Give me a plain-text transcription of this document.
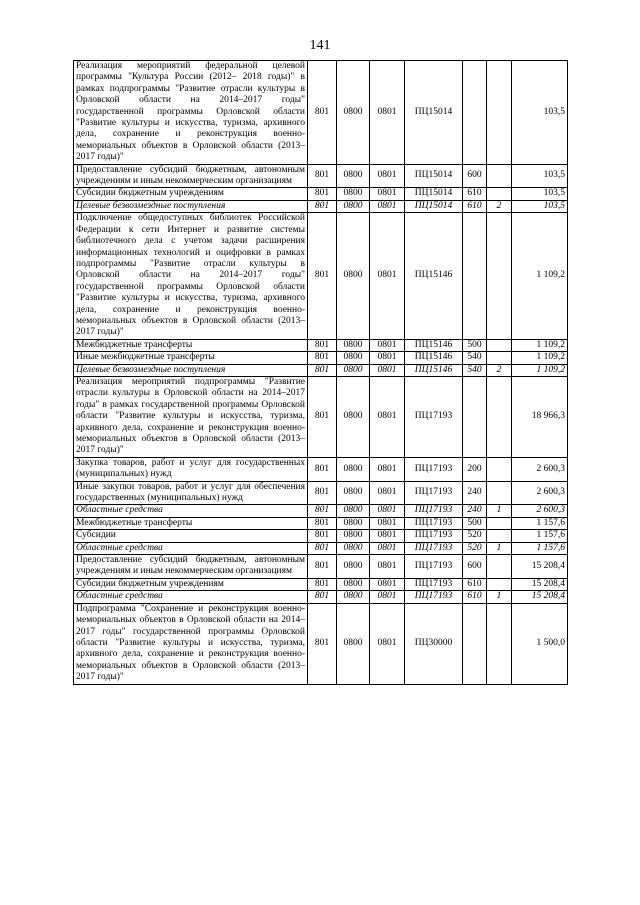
141
Реализация мероприятий федеральной целевой программы "Культура России (2012– 2018 годы)" в рамках подпрограммы "Развитие отрасли культуры в Орловской области на 2014–2017 годы" государственной программы Орловской области "Развитие культуры и искусства, туризма, архивного дела, сохранение и реконструкция военно-мемориальных объектов в Орловской области (2013–2017 годы)"	801	0800	0801	ПЦ15014			103,5
Предоставление субсидий бюджетным, автономным учреждениям и иным некоммерческим организациям	801	0800	0801	ПЦ15014	600		103,5
Субсидии бюджетным учреждениям	801	0800	0801	ПЦ15014	610		103,5
Целевые безвозмездные поступления	801	0800	0801	ПЦ15014	610	2	103,5
Подключение общедоступных библиотек Российской Федерации к сети Интернет и развитие системы библиотечного дела с учетом задачи расширения информационных технологий и оцифровки в рамках подпрограммы "Развитие отрасли культуры в Орловской области на 2014–2017 годы" государственной программы Орловской области "Развитие культуры и искусства, туризма, архивного дела, сохранение и реконструкция военно-мемориальных объектов в Орловской области (2013–2017 годы)"	801	0800	0801	ПЦ15146			1 109,2
Межбюджетные трансферты	801	0800	0801	ПЦ15146	500		1 109,2
Иные межбюджетные трансферты	801	0800	0801	ПЦ15146	540		1 109,2
Целевые безвозмездные поступления	801	0800	0801	ПЦ15146	540	2	1 109,2
Реализация мероприятий подпрограммы "Развитие отрасли культуры в Орловской области на 2014–2017 годы" в рамках государственной программы Орловской области "Развитие культуры и искусства, туризма, архивного дела, сохранение и реконструкция военно-мемориальных объектов в Орловской области (2013–2017 годы)"	801	0800	0801	ПЦ17193			18 966,3
Закупка товаров, работ и услуг для государственных (муниципальных) нужд	801	0800	0801	ПЦ17193	200		2 600,3
Иные закупки товаров, работ и услуг для обеспечения государственных (муниципальных) нужд	801	0800	0801	ПЦ17193	240		2 600,3
Областные средства	801	0800	0801	ПЦ17193	240	1	2 600,3
Межбюджетные трансферты	801	0800	0801	ПЦ17193	500		1 157,6
Субсидии	801	0800	0801	ПЦ17193	520		1 157,6
Областные средства	801	0800	0801	ПЦ17193	520	1	1 157,6
Предоставление субсидий бюджетным, автономным учреждениям и иным некоммерческим организациям	801	0800	0801	ПЦ17193	600		15 208,4
Субсидии бюджетным учреждениям	801	0800	0801	ПЦ17193	610		15 208,4
Областные средства	801	0800	0801	ПЦ17193	610	1	15 208,4
Подпрограмма "Сохранение и реконструкция военно-мемориальных объектов в Орловской области на 2014–2017 годы" государственной программы Орловской области "Развитие культуры и искусства, туризма, архивного дела, сохранение и реконструкция военно-мемориальных объектов в Орловской области (2013–2017 годы)"	801	0800	0801	ПЦ30000			1 500,0
